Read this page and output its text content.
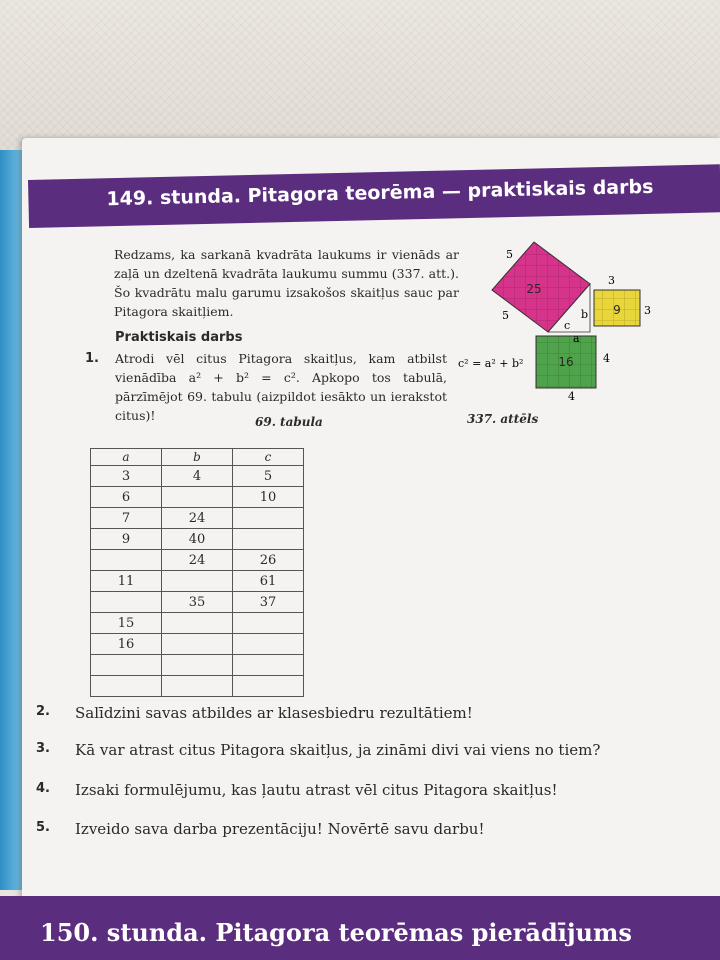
149. stunda. Pitagora teorēma — praktiskais darbs

Redzams, ka sarkanā kvadrāta laukums ir vienāds ar zaļā un dzeltenā kvadrāta laukumu summu (337. att.). Šo kvadrātu malu garumu izsakošos skaitļus sauc par Pitagora skaitļiem.

Praktiskais darbs
1. Atrodi vēl citus Pitagora skaitļus, kam atbilst vienādība a² + b² = c². Apkopo tos tabulā, pārzīmējot 69. tabulu (aizpildot iesākto un ierakstot citus)!

25
9
16
5
5
3
3
4
4
c
b
a
c² = a² + b²
69. tabula	337. attēls
a	b	c
3	4	5
6		10
7	24	
9	40	
	24	26
11		61
	35	37
15		
16		

2. Salīdzini savas atbildes ar klasesbiedru rezultātiem!
3. Kā var atrast citus Pitagora skaitļus, ja zināmi divi vai viens no tiem?
4. Izsaki formulējumu, kas ļautu atrast vēl citus Pitagora skaitļus!
5. Izveido sava darba prezentāciju! Novērtē savu darbu!
150. stunda. Pitagora teorēmas pierādījums
